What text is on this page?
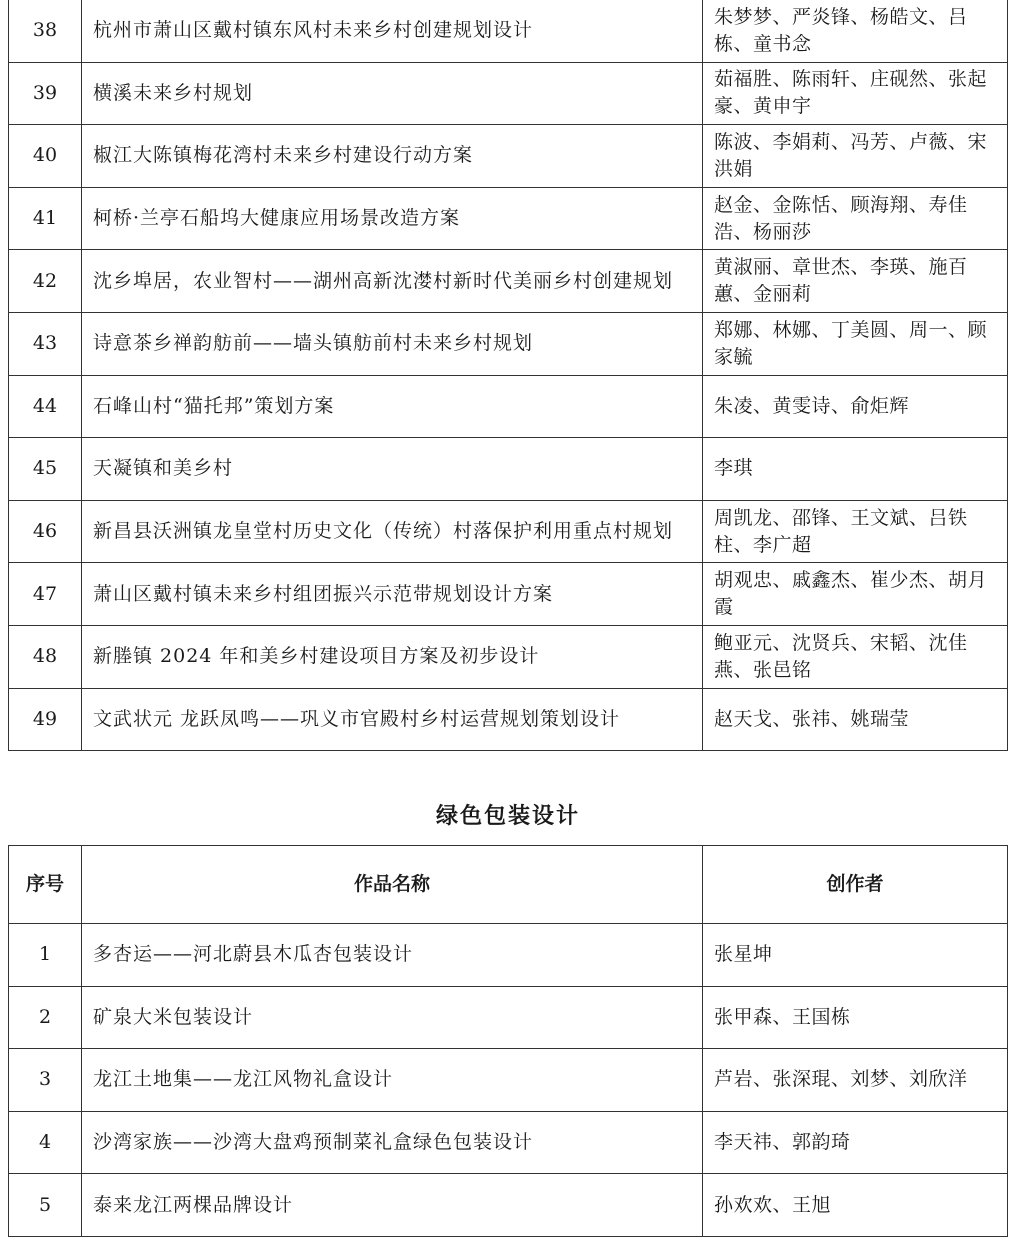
38	杭州市萧山区戴村镇东风村未来乡村创建规划设计	朱梦梦、严炎锋、杨皓文、吕栋、童书念
39	横溪未来乡村规划	茹福胜、陈雨轩、庄砚然、张起豪、黄申宇
40	椒江大陈镇梅花湾村未来乡村建设行动方案	陈波、李娟莉、冯芳、卢薇、宋洪娟
41	柯桥·兰亭石船坞大健康应用场景改造方案	赵金、金陈恬、顾海翔、寿佳浩、杨丽莎
42	沈乡埠居，农业智村——湖州高新沈漤村新时代美丽乡村创建规划	黄淑丽、章世杰、李瑛、施百蕙、金丽莉
43	诗意茶乡禅韵舫前——墙头镇舫前村未来乡村规划	郑娜、林娜、丁美圆、周一、顾家毓
44	石峰山村“猫托邦”策划方案	朱凌、黄雯诗、俞炬辉
45	天凝镇和美乡村	李琪
46	新昌县沃洲镇龙皇堂村历史文化（传统）村落保护利用重点村规划	周凯龙、邵锋、王文斌、吕铁柱、李广超
47	萧山区戴村镇未来乡村组团振兴示范带规划设计方案	胡观忠、戚鑫杰、崔少杰、胡月霞
48	新塍镇 2024 年和美乡村建设项目方案及初步设计	鲍亚元、沈贤兵、宋韬、沈佳燕、张邑铭
49	文武状元 龙跃凤鸣——巩义市官殿村乡村运营规划策划设计	赵天戈、张祎、姚瑞莹
绿色包装设计
序号	作品名称	创作者
1	多杏运——河北蔚县木瓜杏包装设计	张星坤
2	矿泉大米包装设计	张甲森、王国栋
3	龙江土地集——龙江风物礼盒设计	芦岩、张深琨、刘梦、刘欣洋
4	沙湾家族——沙湾大盘鸡预制菜礼盒绿色包装设计	李天祎、郭韵琦
5	泰来龙江两棵品牌设计	孙欢欢、王旭
